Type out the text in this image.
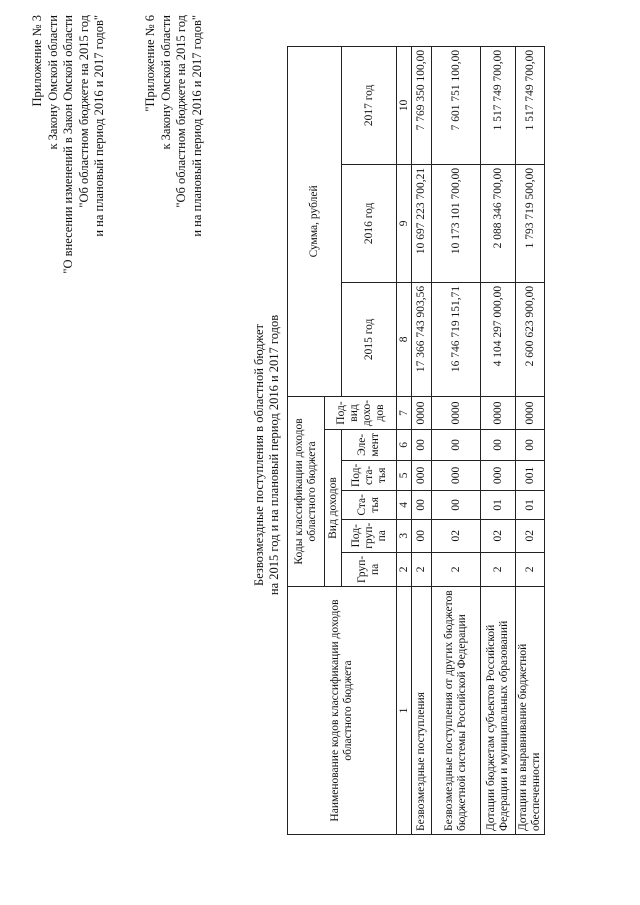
Приложение № 3 к Закону Омской области "О внесении изменений в Закон Омской области "Об областном бюджете на 2015 год и на плановый период 2016 и 2017 годов"	"Приложение № 6 к Закону Омской области "Об областном бюджете на 2015 год и на плановый период 2016 и 2017 годов"
Безвозмездные поступления в областной бюджет на 2015 год и на плановый период 2016 и 2017 годов
Наименование кодов классификации доходов областного бюджета	Коды классификации доходов областного бюджета						Сумма, рублей		
	Вид доходов					Под-вид дохо-дов			
	Груп-па	Под-груп-па	Ста-тья	Под-ста-тья	Эле-мент		2015 год	2016 год	2017 год
1	2	3	4	5	6	7	8	9	10
Безвозмездные поступления	2	00	00	000	00	0000	17 366 743 903,56	10 697 223 700,21	7 769 350 100,00
Безвозмездные поступления от других бюджетов бюджетной системы Российской Федерации	2	02	00	000	00	0000	16 746 719 151,71	10 173 101 700,00	7 601 751 100,00
Дотации бюджетам субъектов Российской Федерации и муниципальных образований	2	02	01	000	00	0000	4 104 297 000,00	2 088 346 700,00	1 517 749 700,00
Дотации на выравнивание бюджетной обеспеченности	2	02	01	001	00	0000	2 600 623 900,00	1 793 719 500,00	1 517 749 700,00
